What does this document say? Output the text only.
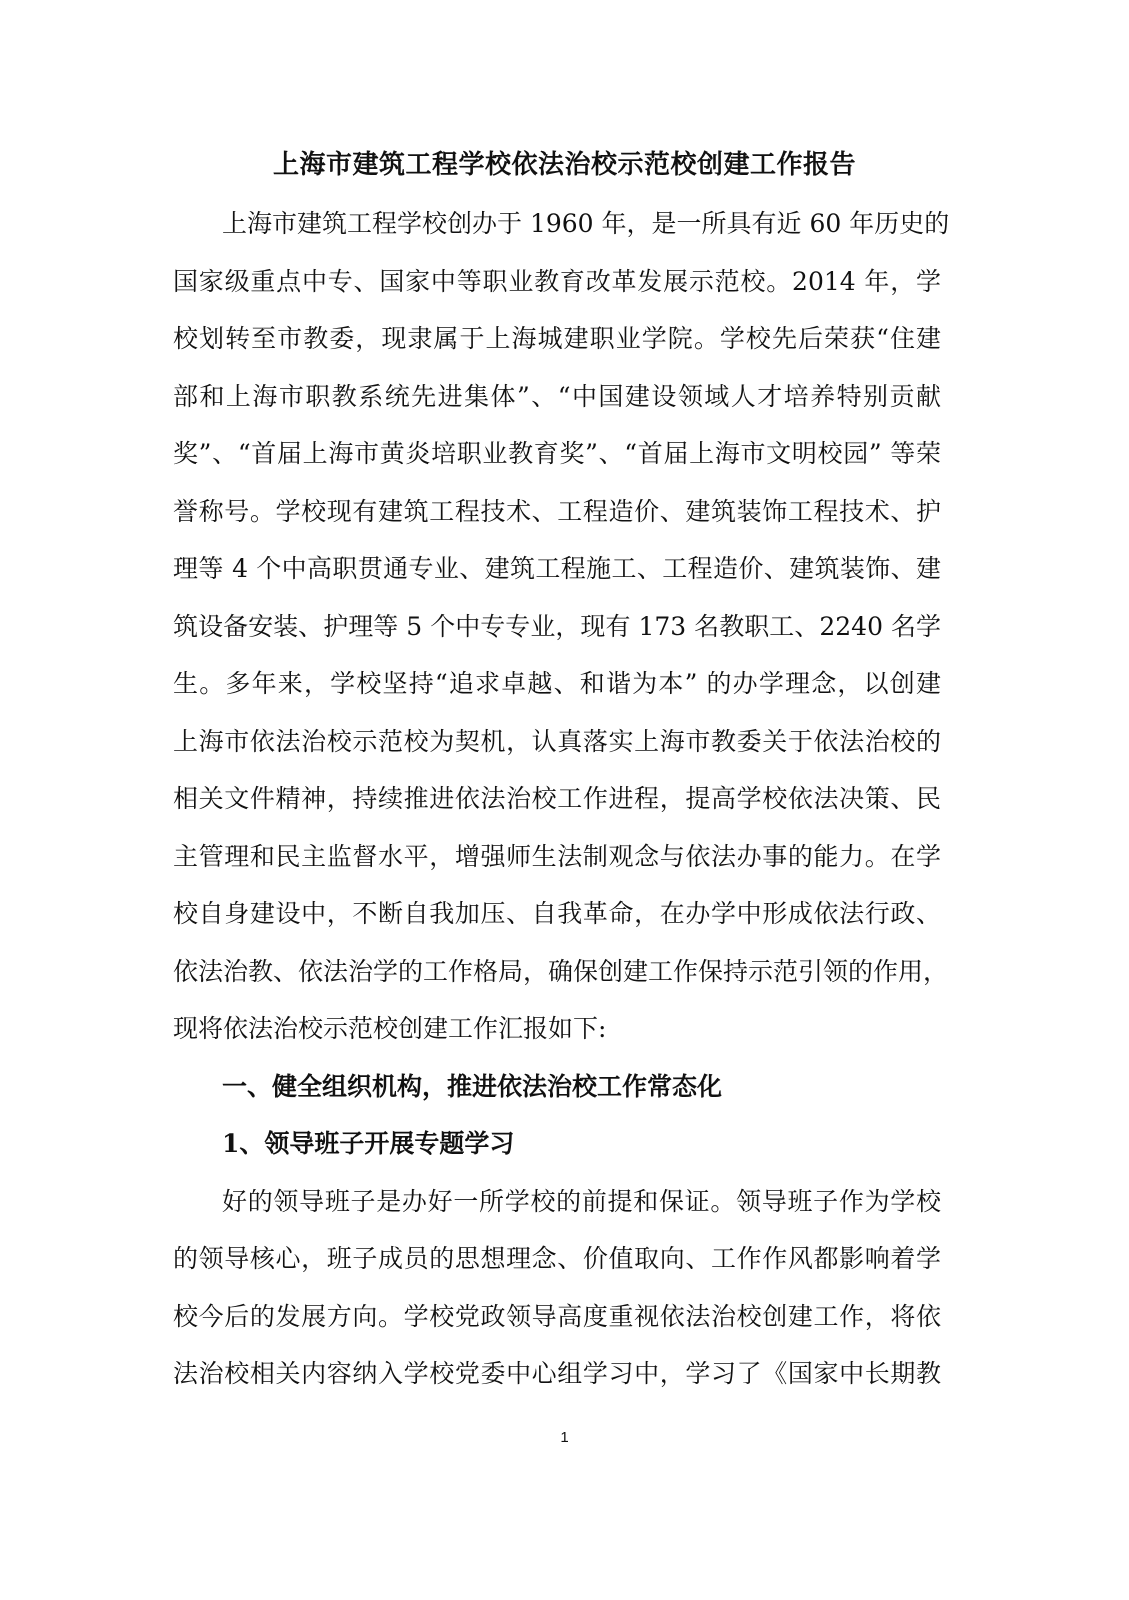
上海市建筑工程学校依法治校示范校创建工作报告
上海市建筑工程学校创办于 1960 年，是一所具有近 60 年历史的
国家级重点中专、国家中等职业教育改革发展示范校。2014 年，学
校划转至市教委，现隶属于上海城建职业学院。学校先后荣获“住建
部和上海市职教系统先进集体”、“中国建设领域人才培养特别贡献
奖”、“首届上海市黄炎培职业教育奖”、“首届上海市文明校园” 等荣
誉称号。学校现有建筑工程技术、工程造价、建筑装饰工程技术、护
理等 4 个中高职贯通专业、建筑工程施工、工程造价、建筑装饰、建
筑设备安装、护理等 5 个中专专业，现有 173 名教职工、2240 名学
生。多年来，学校坚持“追求卓越、和谐为本” 的办学理念，以创建
上海市依法治校示范校为契机，认真落实上海市教委关于依法治校的
相关文件精神，持续推进依法治校工作进程，提高学校依法决策、民
主管理和民主监督水平，增强师生法制观念与依法办事的能力。在学
校自身建设中，不断自我加压、自我革命，在办学中形成依法行政、
依法治教、依法治学的工作格局，确保创建工作保持示范引领的作用，
现将依法治校示范校创建工作汇报如下:
一、健全组织机构，推进依法治校工作常态化
1、领导班子开展专题学习
好的领导班子是办好一所学校的前提和保证。领导班子作为学校
的领导核心，班子成员的思想理念、价值取向、工作作风都影响着学
校今后的发展方向。学校党政领导高度重视依法治校创建工作，将依
法治校相关内容纳入学校党委中心组学习中，学习了《国家中长期教
1
